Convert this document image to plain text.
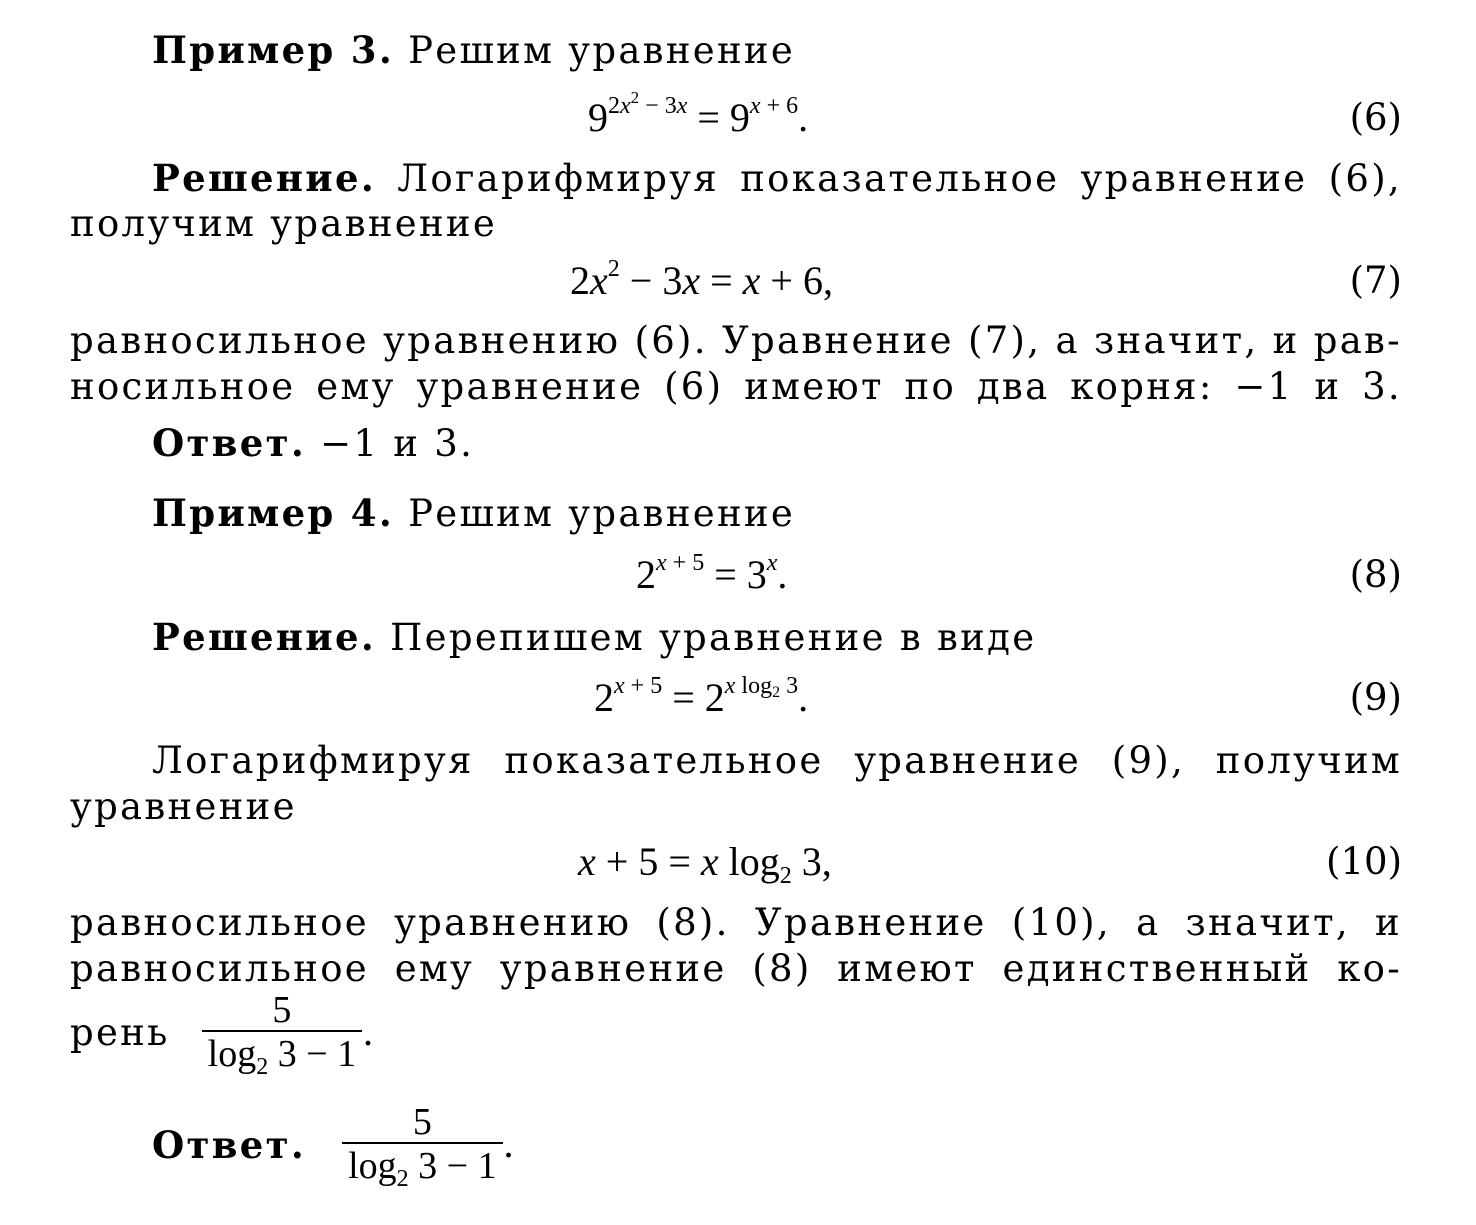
Пример 3. Решим уравнение
$9^{2x^2 - 3x} = 9^{x + 6}$.	(6)
Решение. Логарифмируя показательное уравнение (6),
получим уравнение
$2x^2 - 3x = x + 6$,	(7)
равносильное уравнению (6). Уравнение (7), а значит, и рав-
носильное ему уравнение (6) имеют по два корня: −1 и 3.
Ответ. −1 и 3.
Пример 4. Решим уравнение
$2^{x + 5} = 3^x$.	(8)
Решение. Перепишем уравнение в виде
$2^{x + 5} = 2^{x log_2 3}$.	(9)
Логарифмируя показательное уравнение (9), получим
уравнение
x + 5 = x $\log_2 3$,	(10)
равносильное уравнению (8). Уравнение (10), а значит, и
равносильное ему уравнение (8) имеют единственный ко-
рень $\frac{5}{\log_2 3 - 1}$ .
Ответ. $\frac{5}{\log_2 3 - 1}$ .
